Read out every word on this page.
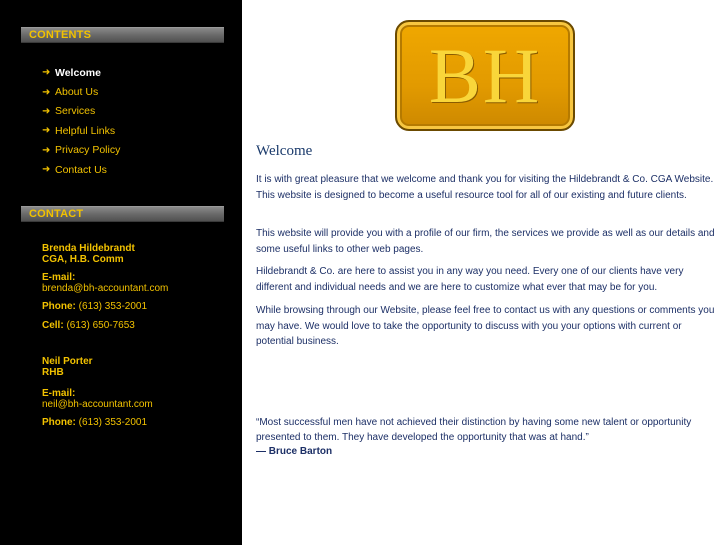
CONTENTS
➜ Welcome
➜ About Us
➜ Services
➜ Helpful Links
➜ Privacy Policy
➜ Contact Us
CONTACT
Brenda Hildebrandt
CGA, H.B. Comm
E-mail:
brenda@bh-accountant.com
Phone: (613) 353-2001
Cell: (613) 650-7653
Neil Porter
RHB
E-mail:
neil@bh-accountant.com
Phone: (613) 353-2001
BH
Welcome

It is with great pleasure that we welcome and thank you for visiting the Hildebrandt & Co. CGA Website. This website is designed to become a useful resource tool for all of our existing and future clients.

This website will provide you with a profile of our firm, the services we provide as well as our details and some useful links to other web pages.

Hildebrandt & Co. are here to assist you in any way you need. Every one of our clients have very different and individual needs and we are here to customize what ever that may be for you.

While browsing through our Website, please feel free to contact us with any questions or comments you may have. We would love to take the opportunity to discuss with you your options with current or potential business.

“Most successful men have not achieved their distinction by having some new talent or opportunity presented to them. They have developed the opportunity that was at hand.”
— Bruce Barton
